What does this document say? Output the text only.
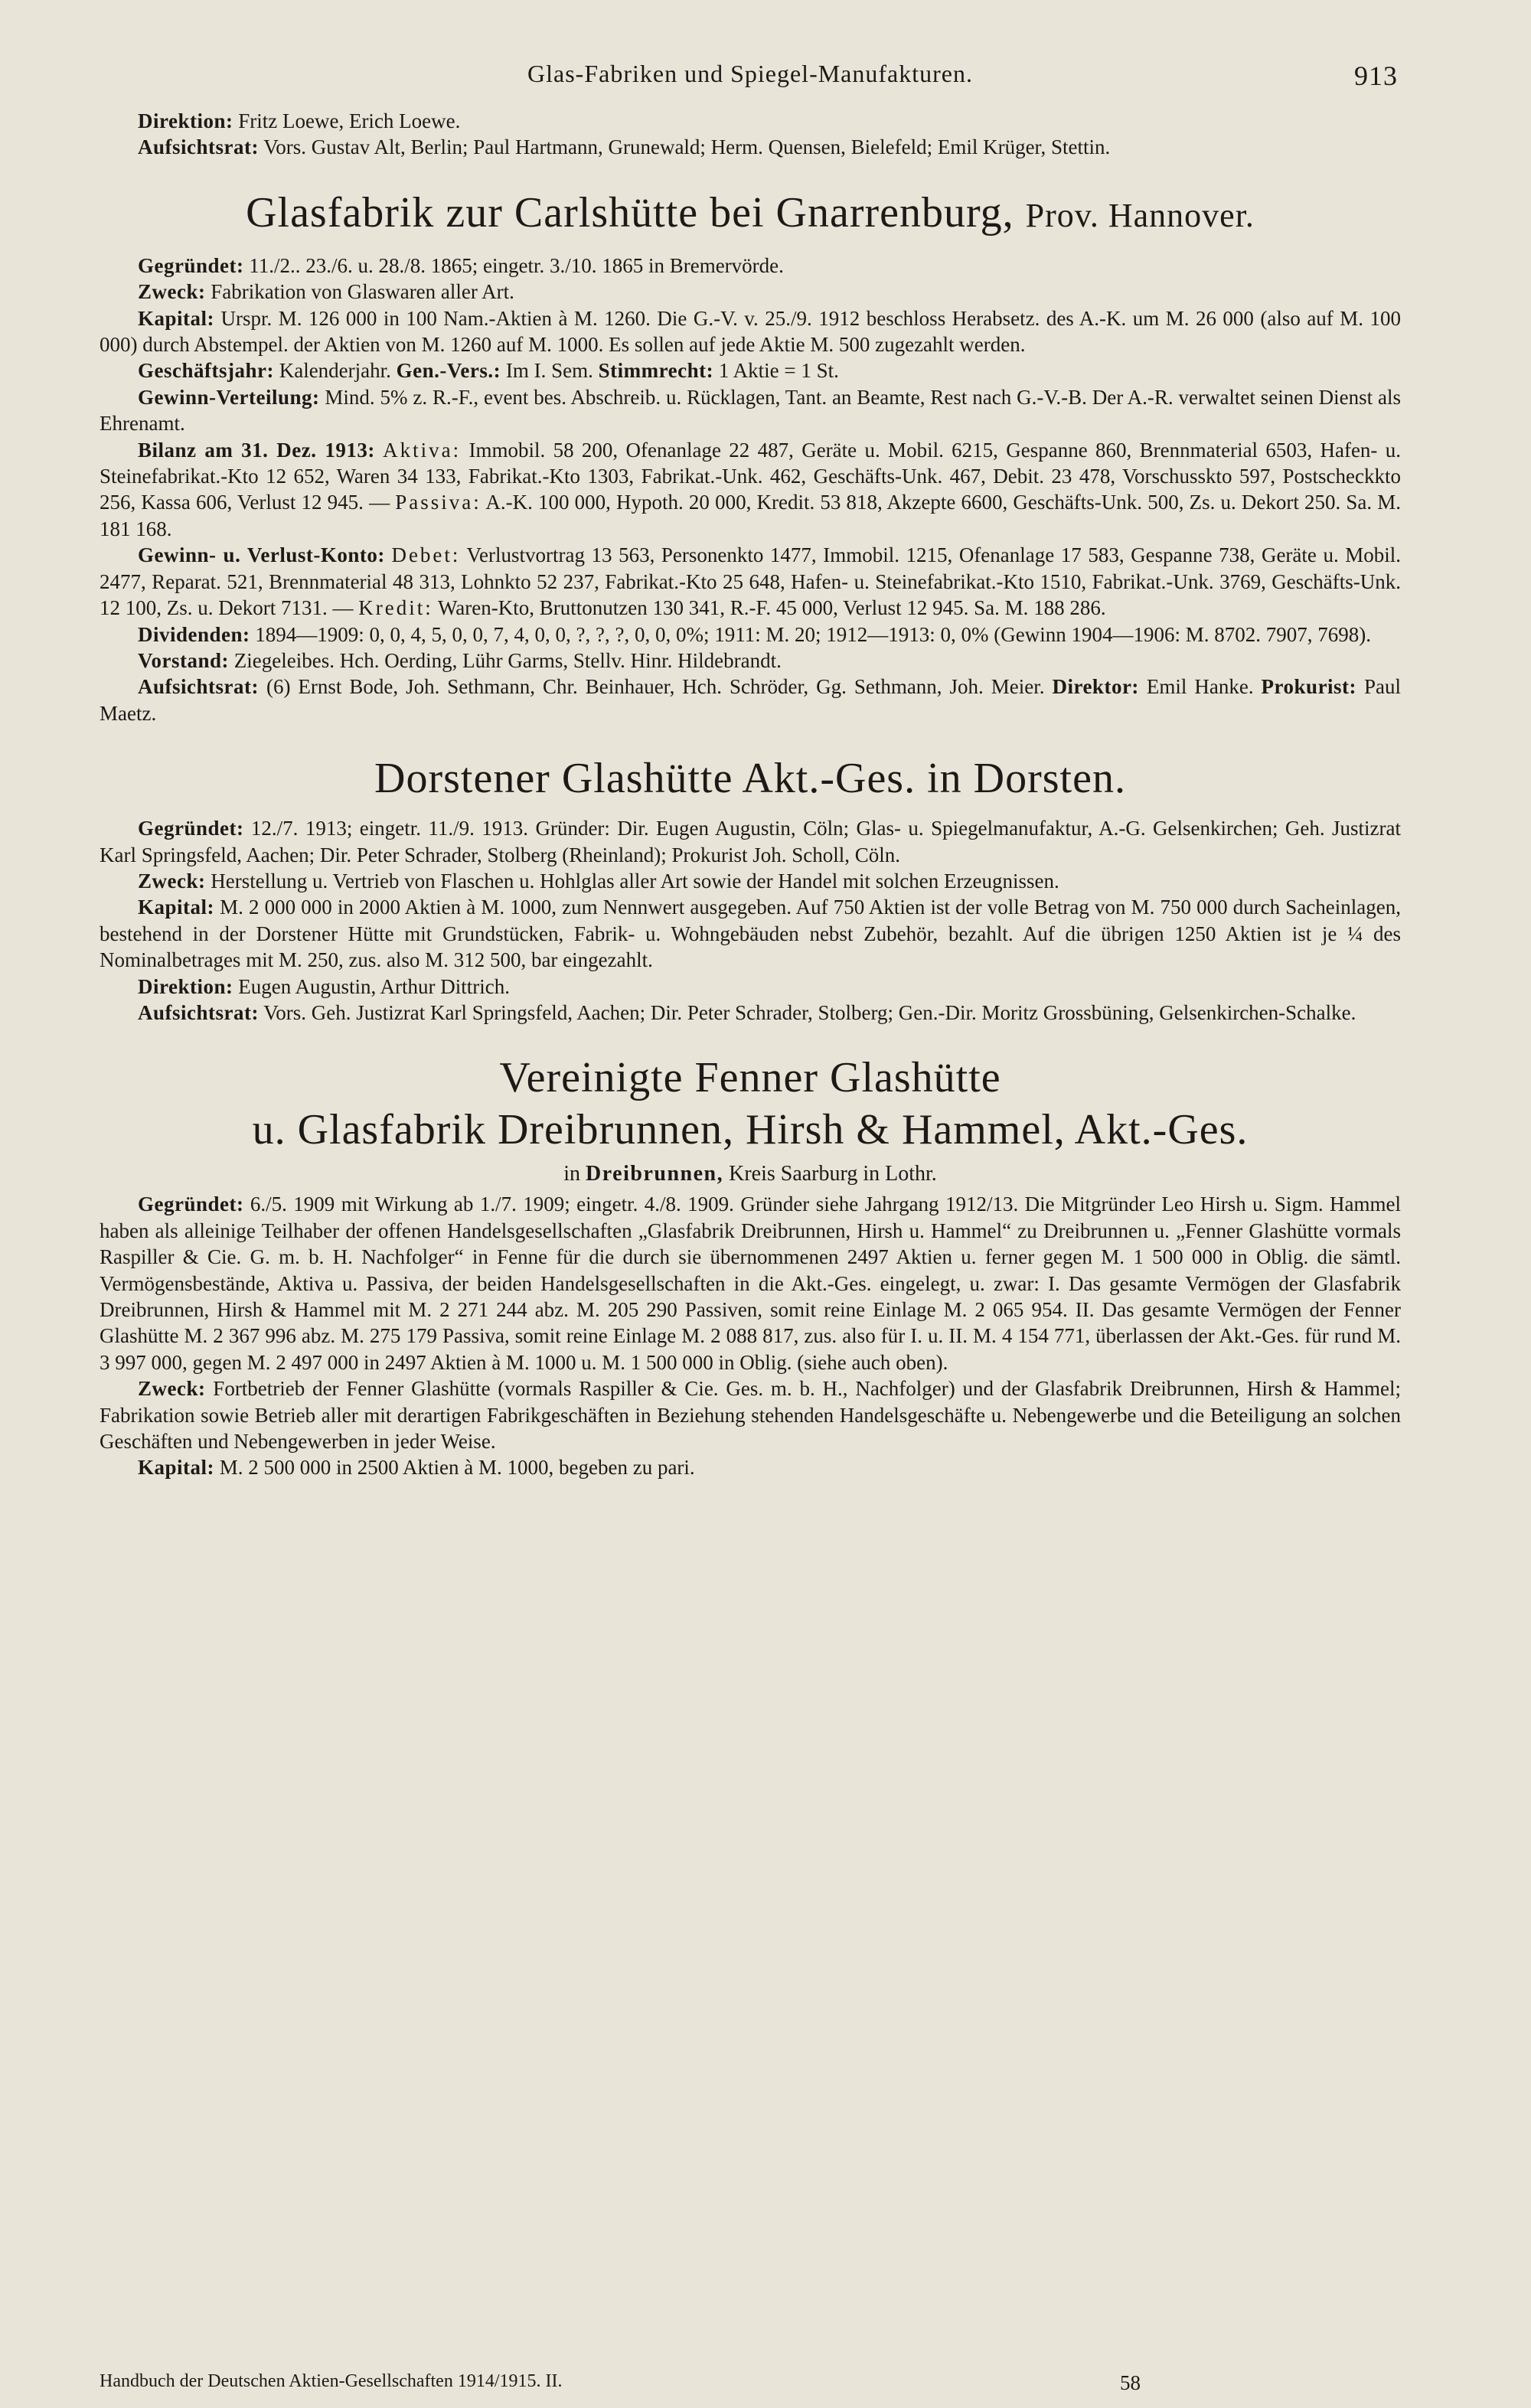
Glas-Fabriken und Spiegel-Manufakturen.	913

Direktion: Fritz Loewe, Erich Loewe.

Aufsichtsrat: Vors. Gustav Alt, Berlin; Paul Hartmann, Grunewald; Herm. Quensen, Bielefeld; Emil Krüger, Stettin.

Glasfabrik zur Carlshütte bei Gnarrenburg, Prov. Hannover.

Gegründet: 11./2.. 23./6. u. 28./8. 1865; eingetr. 3./10. 1865 in Bremervörde.

Zweck: Fabrikation von Glaswaren aller Art.

Kapital: Urspr. M. 126 000 in 100 Nam.-Aktien à M. 1260. Die G.-V. v. 25./9. 1912 beschloss Herabsetz. des A.-K. um M. 26 000 (also auf M. 100 000) durch Abstempel. der Aktien von M. 1260 auf M. 1000. Es sollen auf jede Aktie M. 500 zugezahlt werden.

Geschäftsjahr: Kalenderjahr. Gen.-Vers.: Im I. Sem. Stimmrecht: 1 Aktie = 1 St.

Gewinn-Verteilung: Mind. 5% z. R.-F., event bes. Abschreib. u. Rücklagen, Tant. an Beamte, Rest nach G.-V.-B. Der A.-R. verwaltet seinen Dienst als Ehrenamt.

Bilanz am 31. Dez. 1913: Aktiva: Immobil. 58 200, Ofenanlage 22 487, Geräte u. Mobil. 6215, Gespanne 860, Brennmaterial 6503, Hafen- u. Steinefabrikat.-Kto 12 652, Waren 34 133, Fabrikat.-Kto 1303, Fabrikat.-Unk. 462, Geschäfts-Unk. 467, Debit. 23 478, Vorschusskto 597, Postscheckkto 256, Kassa 606, Verlust 12 945. — Passiva: A.-K. 100 000, Hypoth. 20 000, Kredit. 53 818, Akzepte 6600, Geschäfts-Unk. 500, Zs. u. Dekort 250. Sa. M. 181 168.

Gewinn- u. Verlust-Konto: Debet: Verlustvortrag 13 563, Personenkto 1477, Immobil. 1215, Ofenanlage 17 583, Gespanne 738, Geräte u. Mobil. 2477, Reparat. 521, Brennmaterial 48 313, Lohnkto 52 237, Fabrikat.-Kto 25 648, Hafen- u. Steinefabrikat.-Kto 1510, Fabrikat.-Unk. 3769, Geschäfts-Unk. 12 100, Zs. u. Dekort 7131. — Kredit: Waren-Kto, Bruttonutzen 130 341, R.-F. 45 000, Verlust 12 945. Sa. M. 188 286.

Dividenden: 1894—1909: 0, 0, 4, 5, 0, 0, 7, 4, 0, 0, ?, ?, ?, 0, 0, 0%; 1911: M. 20; 1912—1913: 0, 0% (Gewinn 1904—1906: M. 8702. 7907, 7698).

Vorstand: Ziegeleibes. Hch. Oerding, Lühr Garms, Stellv. Hinr. Hildebrandt.

Aufsichtsrat: (6) Ernst Bode, Joh. Sethmann, Chr. Beinhauer, Hch. Schröder, Gg. Sethmann, Joh. Meier. Direktor: Emil Hanke. Prokurist: Paul Maetz.

Dorstener Glashütte Akt.-Ges. in Dorsten.

Gegründet: 12./7. 1913; eingetr. 11./9. 1913. Gründer: Dir. Eugen Augustin, Cöln; Glas- u. Spiegelmanufaktur, A.-G. Gelsenkirchen; Geh. Justizrat Karl Springsfeld, Aachen; Dir. Peter Schrader, Stolberg (Rheinland); Prokurist Joh. Scholl, Cöln.

Zweck: Herstellung u. Vertrieb von Flaschen u. Hohlglas aller Art sowie der Handel mit solchen Erzeugnissen.

Kapital: M. 2 000 000 in 2000 Aktien à M. 1000, zum Nennwert ausgegeben. Auf 750 Aktien ist der volle Betrag von M. 750 000 durch Sacheinlagen, bestehend in der Dorstener Hütte mit Grundstücken, Fabrik- u. Wohngebäuden nebst Zubehör, bezahlt. Auf die übrigen 1250 Aktien ist je ¼ des Nominalbetrages mit M. 250, zus. also M. 312 500, bar eingezahlt.

Direktion: Eugen Augustin, Arthur Dittrich.

Aufsichtsrat: Vors. Geh. Justizrat Karl Springsfeld, Aachen; Dir. Peter Schrader, Stolberg; Gen.-Dir. Moritz Grossbüning, Gelsenkirchen-Schalke.

Vereinigte Fenner Glashütte
u. Glasfabrik Dreibrunnen, Hirsh & Hammel, Akt.-Ges.
in Dreibrunnen, Kreis Saarburg in Lothr.

Gegründet: 6./5. 1909 mit Wirkung ab 1./7. 1909; eingetr. 4./8. 1909. Gründer siehe Jahrgang 1912/13. Die Mitgründer Leo Hirsh u. Sigm. Hammel haben als alleinige Teilhaber der offenen Handelsgesellschaften „Glasfabrik Dreibrunnen, Hirsh u. Hammel“ zu Dreibrunnen u. „Fenner Glashütte vormals Raspiller & Cie. G. m. b. H. Nachfolger“ in Fenne für die durch sie übernommenen 2497 Aktien u. ferner gegen M. 1 500 000 in Oblig. die sämtl. Vermögensbestände, Aktiva u. Passiva, der beiden Handelsgesellschaften in die Akt.-Ges. eingelegt, u. zwar: I. Das gesamte Vermögen der Glasfabrik Dreibrunnen, Hirsh & Hammel mit M. 2 271 244 abz. M. 205 290 Passiven, somit reine Einlage M. 2 065 954. II. Das gesamte Vermögen der Fenner Glashütte M. 2 367 996 abz. M. 275 179 Passiva, somit reine Einlage M. 2 088 817, zus. also für I. u. II. M. 4 154 771, überlassen der Akt.-Ges. für rund M. 3 997 000, gegen M. 2 497 000 in 2497 Aktien à M. 1000 u. M. 1 500 000 in Oblig. (siehe auch oben).

Zweck: Fortbetrieb der Fenner Glashütte (vormals Raspiller & Cie. Ges. m. b. H., Nachfolger) und der Glasfabrik Dreibrunnen, Hirsh & Hammel; Fabrikation sowie Betrieb aller mit derartigen Fabrikgeschäften in Beziehung stehenden Handelsgeschäfte u. Nebengewerbe und die Beteiligung an solchen Geschäften und Nebengewerben in jeder Weise.

Kapital: M. 2 500 000 in 2500 Aktien à M. 1000, begeben zu pari.

Handbuch der Deutschen Aktien-Gesellschaften 1914/1915. II.	58
